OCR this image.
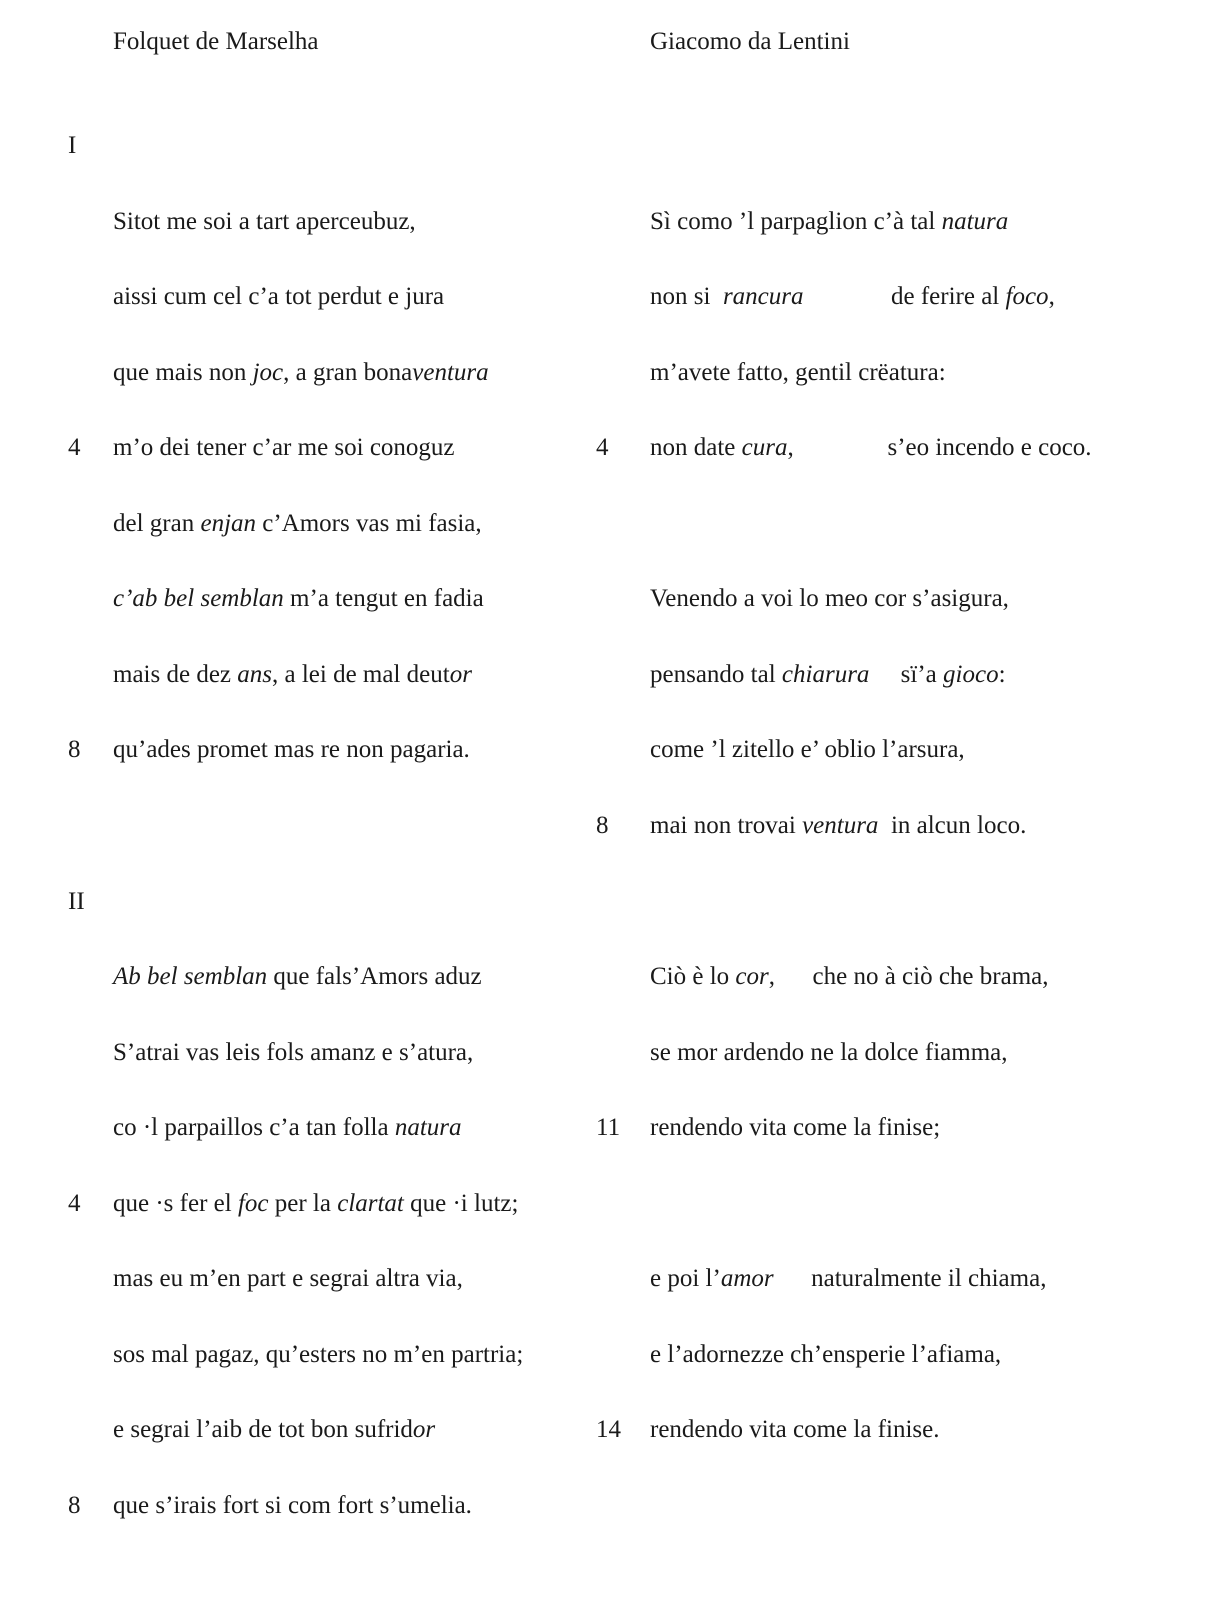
Folquet de Marselha	Giacomo da Lentini
I
II
Sitot me soi a tart aperceubuz,
aissi cum cel c’a tot perdut e jura
que mais non joc, a gran bonaventura
4 m’o dei tener c’ar me soi conoguz
del gran enjan c’Amors vas mi fasia,
c’ab bel semblan m’a tengut en fadia
mais de dez ans, a lei de mal deutor
8 qu’ades promet mas re non pagaria.
Ab bel semblan que fals’Amors aduz
S’atrai vas leis fols amanz e s’atura,
co ·l parpaillos c’a tan folla natura
4 que ·s fer el foc per la clartat que ·i lutz;
mas eu m’en part e segrai altra via,
sos mal pagaz, qu’esters no m’en partria;
e segrai l’aib de tot bon sufridor
8 que s’irais fort si com fort s’umelia.
Sì como ’l parpaglion c’à tal natura
non si  rancura              de ferire al foco,
m’avete fatto, gentil crëatura:
4 non date cura,               s’eo incendo e coco.
Venendo a voi lo meo cor s’asigura,
pensando tal chiarura     sï’a gioco:
come ’l zitello e’ oblio l’arsura,
8 mai non trovai ventura  in alcun loco.
Ciò è lo cor,      che no à ciò che brama,
se mor ardendo ne la dolce fiamma,
11 rendendo vita come la finise;
e poi l’amor      naturalmente il chiama,
e l’adornezze ch’ensperie l’afiama,
14 rendendo vita come la finise.
